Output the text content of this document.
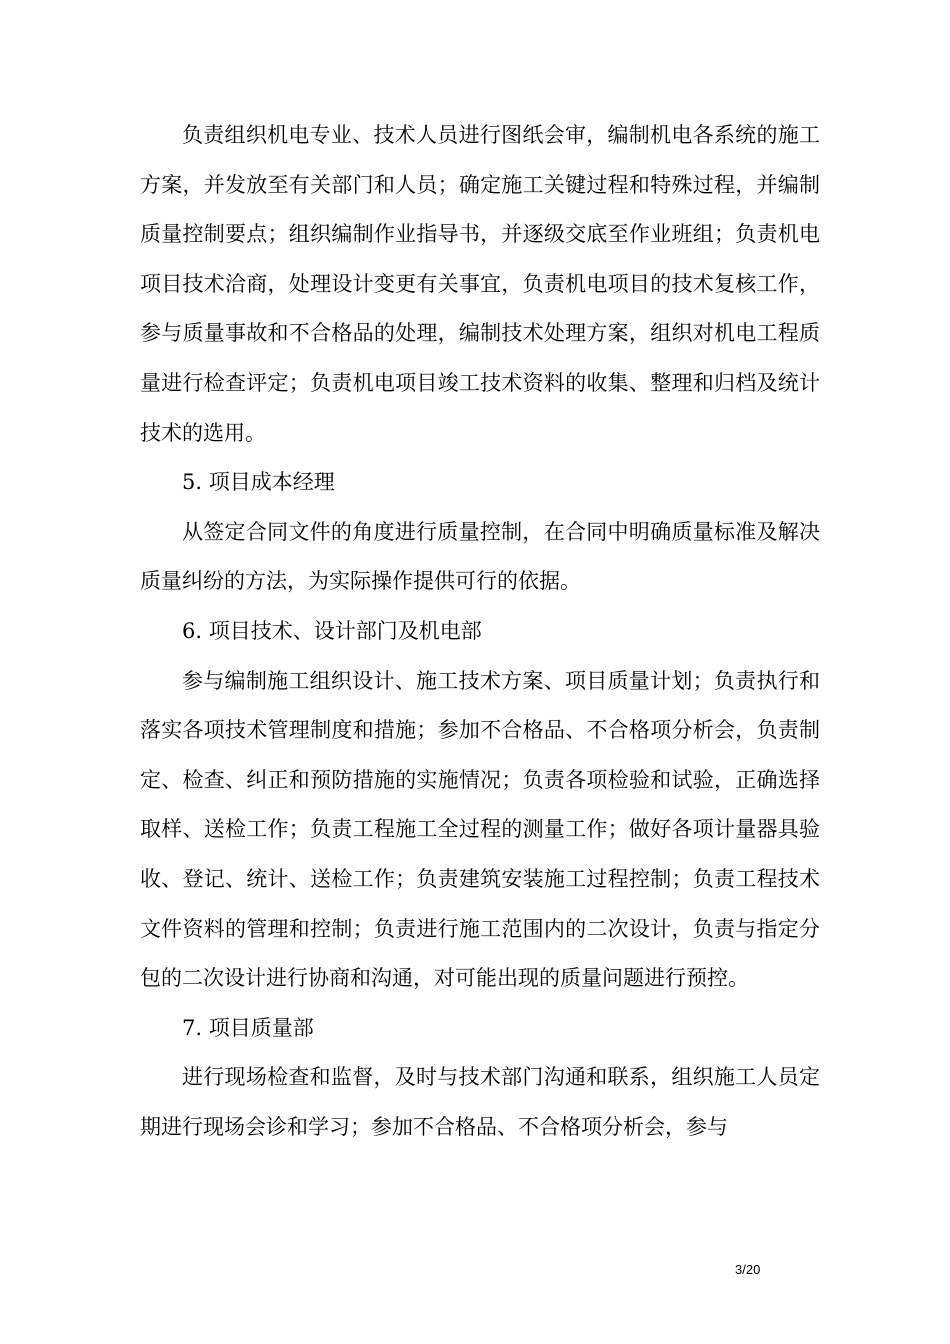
负责组织机电专业、技术人员进行图纸会审，编制机电各系统的施工方案，并发放至有关部门和人员；确定施工关键过程和特殊过程，并编制质量控制要点；组织编制作业指导书，并逐级交底至作业班组；负责机电项目技术洽商，处理设计变更有关事宜，负责机电项目的技术复核工作，参与质量事故和不合格品的处理，编制技术处理方案，组织对机电工程质量进行检查评定；负责机电项目竣工技术资料的收集、整理和归档及统计技术的选用。

5. 项目成本经理

从签定合同文件的角度进行质量控制，在合同中明确质量标准及解决质量纠纷的方法，为实际操作提供可行的依据。

6. 项目技术、设计部门及机电部

参与编制施工组织设计、施工技术方案、项目质量计划；负责执行和落实各项技术管理制度和措施；参加不合格品、不合格项分析会，负责制定、检查、纠正和预防措施的实施情况；负责各项检验和试验，正确选择取样、送检工作；负责工程施工全过程的测量工作；做好各项计量器具验收、登记、统计、送检工作；负责建筑安装施工过程控制；负责工程技术文件资料的管理和控制；负责进行施工范围内的二次设计，负责与指定分包的二次设计进行协商和沟通，对可能出现的质量问题进行预控。

7. 项目质量部

进行现场检查和监督，及时与技术部门沟通和联系，组织施工人员定期进行现场会诊和学习；参加不合格品、不合格项分析会，参与

3/20
